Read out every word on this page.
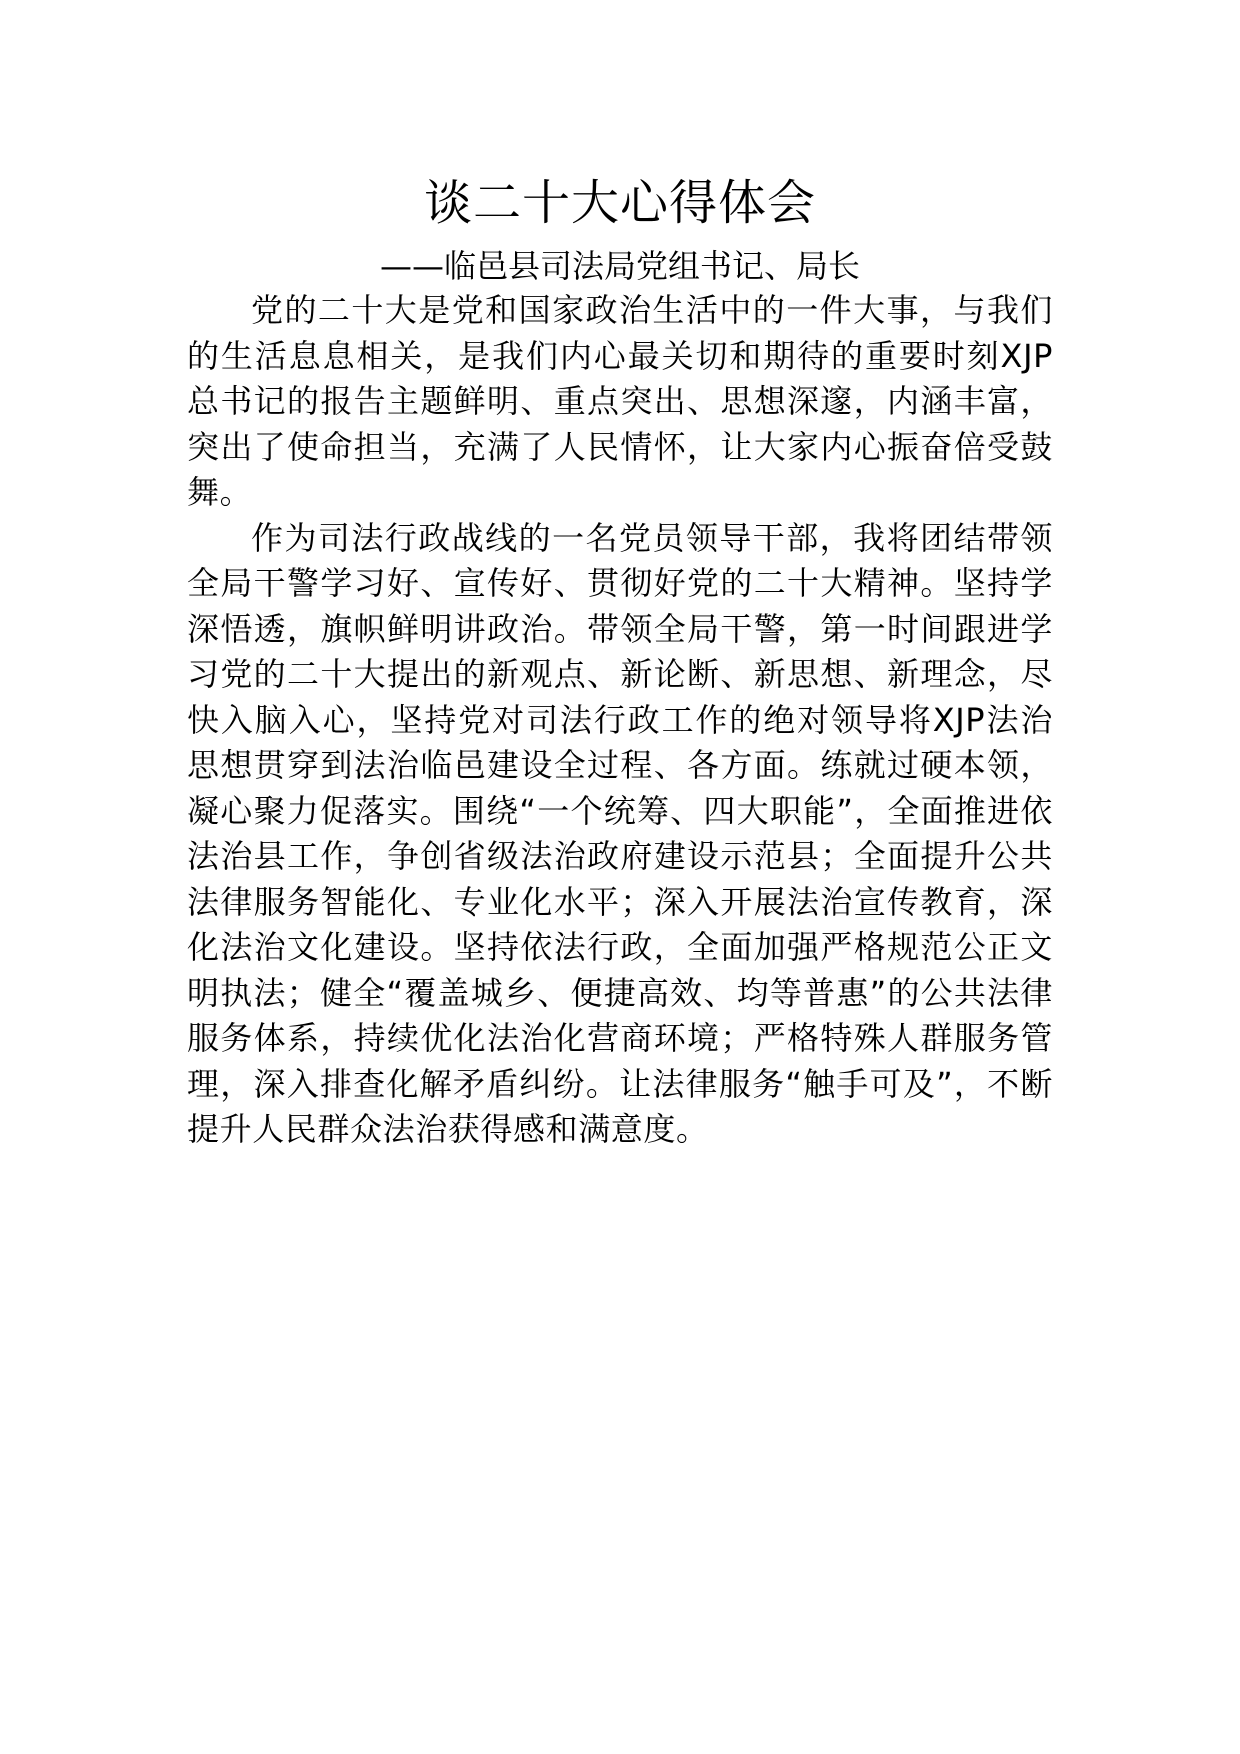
谈二十大心得体会

——临邑县司法局党组书记、局长

党的二十大是党和国家政治生活中的一件大事，与我们的生活息息相关，是我们内心最关切和期待的重要时刻XJP总书记的报告主题鲜明、重点突出、思想深邃，内涵丰富，突出了使命担当，充满了人民情怀，让大家内心振奋倍受鼓舞。

作为司法行政战线的一名党员领导干部，我将团结带领全局干警学习好、宣传好、贯彻好党的二十大精神。坚持学深悟透，旗帜鲜明讲政治。带领全局干警，第一时间跟进学习党的二十大提出的新观点、新论断、新思想、新理念，尽快入脑入心，坚持党对司法行政工作的绝对领导将XJP法治思想贯穿到法治临邑建设全过程、各方面。练就过硬本领，凝心聚力促落实。围绕“一个统筹、四大职能”，全面推进依法治县工作，争创省级法治政府建设示范县；全面提升公共法律服务智能化、专业化水平；深入开展法治宣传教育，深化法治文化建设。坚持依法行政，全面加强严格规范公正文明执法；健全“覆盖城乡、便捷高效、均等普惠”的公共法律服务体系，持续优化法治化营商环境；严格特殊人群服务管理，深入排查化解矛盾纠纷。让法律服务“触手可及”，不断提升人民群众法治获得感和满意度。
